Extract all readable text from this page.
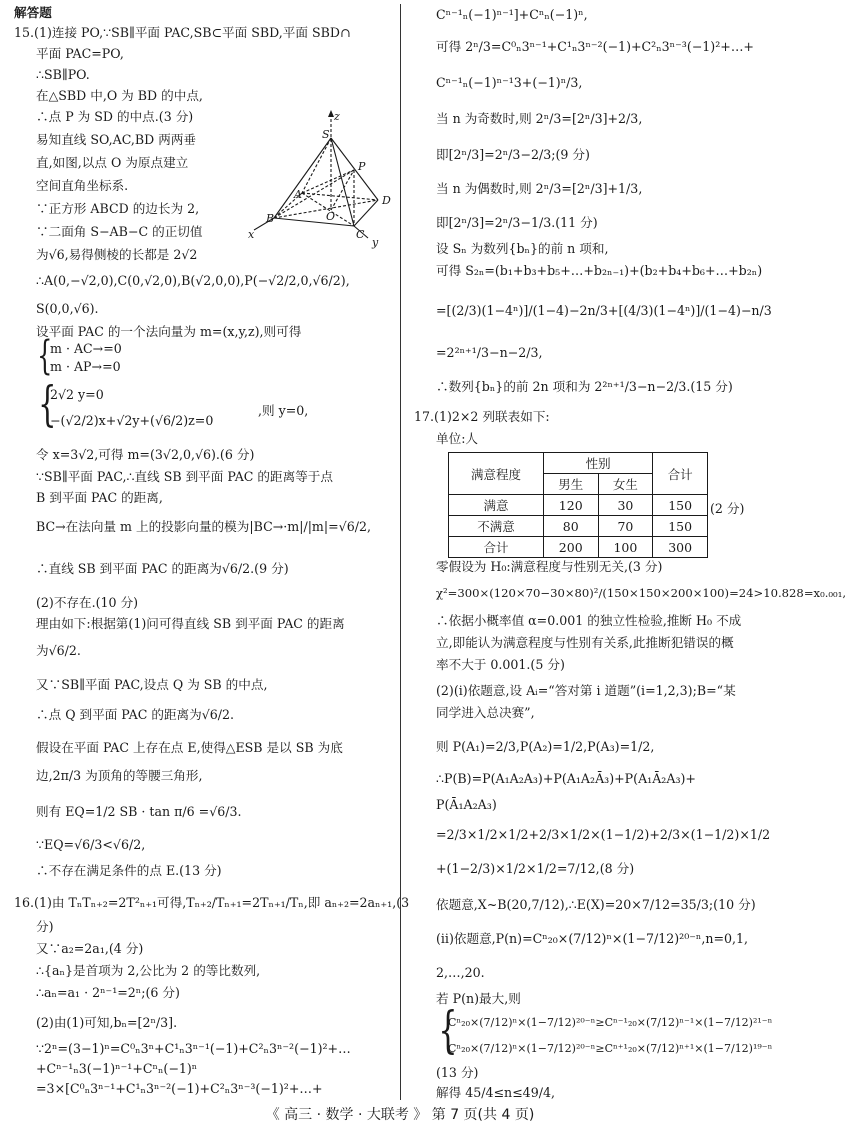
解答题
15.(1)连接 PO,∵SB∥平面 PAC,SB⊂平面 SBD,平面 SBD∩
平面 PAC=PO,
∴SB∥PO.
在△SBD 中,O 为 BD 的中点,
∴点 P 为 SD 的中点.(3 分)
易知直线 SO,AC,BD 两两垂
直,如图,以点 O 为原点建立
空间直角坐标系.
∵正方形 ABCD 的边长为 2,
∵二面角 S−AB−C 的正切值
为√6,易得侧棱的长都是 2√2
z
S
P
D
A
B
C
O
x
y
∴A(0,−√2,0),C(0,√2,0),B(√2,0,0),P(−√2/2,0,√6/2),
S(0,0,√6).
设平面 PAC 的一个法向量为 m=(x,y,z),则可得
{
m · AC→=0
m · AP→=0
{
2√2 y=0
−(√2/2)x+√2y+(√6/2)z=0
,则 y=0,
令 x=3√2,可得 m=(3√2,0,√6).(6 分)
∵SB∥平面 PAC,∴直线 SB 到平面 PAC 的距离等于点
B 到平面 PAC 的距离,
BC→在法向量 m 上的投影向量的模为|BC→·m|/|m|=√6/2,
∴直线 SB 到平面 PAC 的距离为√6/2.(9 分)
(2)不存在.(10 分)
理由如下:根据第(1)问可得直线 SB 到平面 PAC 的距离
为√6/2.
又∵SB∥平面 PAC,设点 Q 为 SB 的中点,
∴点 Q 到平面 PAC 的距离为√6/2.
假设在平面 PAC 上存在点 E,使得△ESB 是以 SB 为底
边,2π/3 为顶角的等腰三角形,
则有 EQ=1/2 SB · tan π/6 =√6/3.
∵EQ=√6/3<√6/2,
∴不存在满足条件的点 E.(13 分)
16.(1)由 TₙTₙ₊₂=2T²ₙ₊₁可得,Tₙ₊₂/Tₙ₊₁=2Tₙ₊₁/Tₙ,即 aₙ₊₂=2aₙ₊₁,(3
分)
又∵a₂=2a₁,(4 分)
∴{aₙ}是首项为 2,公比为 2 的等比数列,
∴aₙ=a₁ · 2ⁿ⁻¹=2ⁿ;(6 分)
(2)由(1)可知,bₙ=[2ⁿ/3].
∵2ⁿ=(3−1)ⁿ=C⁰ₙ3ⁿ+C¹ₙ3ⁿ⁻¹(−1)+C²ₙ3ⁿ⁻²(−1)²+…
+Cⁿ⁻¹ₙ3(−1)ⁿ⁻¹+Cⁿₙ(−1)ⁿ
=3×[C⁰ₙ3ⁿ⁻¹+C¹ₙ3ⁿ⁻²(−1)+C²ₙ3ⁿ⁻³(−1)²+…+
Cⁿ⁻¹ₙ(−1)ⁿ⁻¹]+Cⁿₙ(−1)ⁿ,
可得 2ⁿ/3=C⁰ₙ3ⁿ⁻¹+C¹ₙ3ⁿ⁻²(−1)+C²ₙ3ⁿ⁻³(−1)²+…+
Cⁿ⁻¹ₙ(−1)ⁿ⁻¹3+(−1)ⁿ/3,
当 n 为奇数时,则 2ⁿ/3=[2ⁿ/3]+2/3,
即[2ⁿ/3]=2ⁿ/3−2/3;(9 分)
当 n 为偶数时,则 2ⁿ/3=[2ⁿ/3]+1/3,
即[2ⁿ/3]=2ⁿ/3−1/3.(11 分)
设 Sₙ 为数列{bₙ}的前 n 项和,
可得 S₂ₙ=(b₁+b₃+b₅+…+b₂ₙ₋₁)+(b₂+b₄+b₆+…+b₂ₙ)
=[(2/3)(1−4ⁿ)]/(1−4)−2n/3+[(4/3)(1−4ⁿ)]/(1−4)−n/3
=2²ⁿ⁺¹/3−n−2/3,
∴数列{bₙ}的前 2n 项和为 2²ⁿ⁺¹/3−n−2/3.(15 分)
17.(1)2×2 列联表如下:
单位:人
满意程度	性别		合计
	男生	女生	
满意	120	30	150
不满意	80	70	150
合计	200	100	300
(2 分)
零假设为 H₀:满意程度与性别无关,(3 分)
χ²=300×(120×70−30×80)²/(150×150×200×100)=24>10.828=x₀.₀₀₁,
∴依据小概率值 α=0.001 的独立性检验,推断 H₀ 不成
立,即能认为满意程度与性别有关系,此推断犯错误的概
率不大于 0.001.(5 分)
(2)(ⅰ)依题意,设 Aᵢ=“答对第 i 道题”(i=1,2,3);B=“某
同学进入总决赛”,
则 P(A₁)=2/3,P(A₂)=1/2,P(A₃)=1/2,
∴P(B)=P(A₁A₂A₃)+P(A₁A₂Ā₃)+P(A₁Ā₂A₃)+
P(Ā₁A₂A₃)
=2/3×1/2×1/2+2/3×1/2×(1−1/2)+2/3×(1−1/2)×1/2
+(1−2/3)×1/2×1/2=7/12,(8 分)
依题意,X~B(20,7/12),∴E(X)=20×7/12=35/3;(10 分)
(ⅱ)依题意,P(n)=Cⁿ₂₀×(7/12)ⁿ×(1−7/12)²⁰⁻ⁿ,n=0,1,
2,…,20.
若 P(n)最大,则
{
Cⁿ₂₀×(7/12)ⁿ×(1−7/12)²⁰⁻ⁿ≥Cⁿ⁻¹₂₀×(7/12)ⁿ⁻¹×(1−7/12)²¹⁻ⁿ
Cⁿ₂₀×(7/12)ⁿ×(1−7/12)²⁰⁻ⁿ≥Cⁿ⁺¹₂₀×(7/12)ⁿ⁺¹×(1−7/12)¹⁹⁻ⁿ
(13 分)
解得 45/4≤n≤49/4,
《 高三 · 数学 · 大联考 》 第 7 页(共 4 页)
